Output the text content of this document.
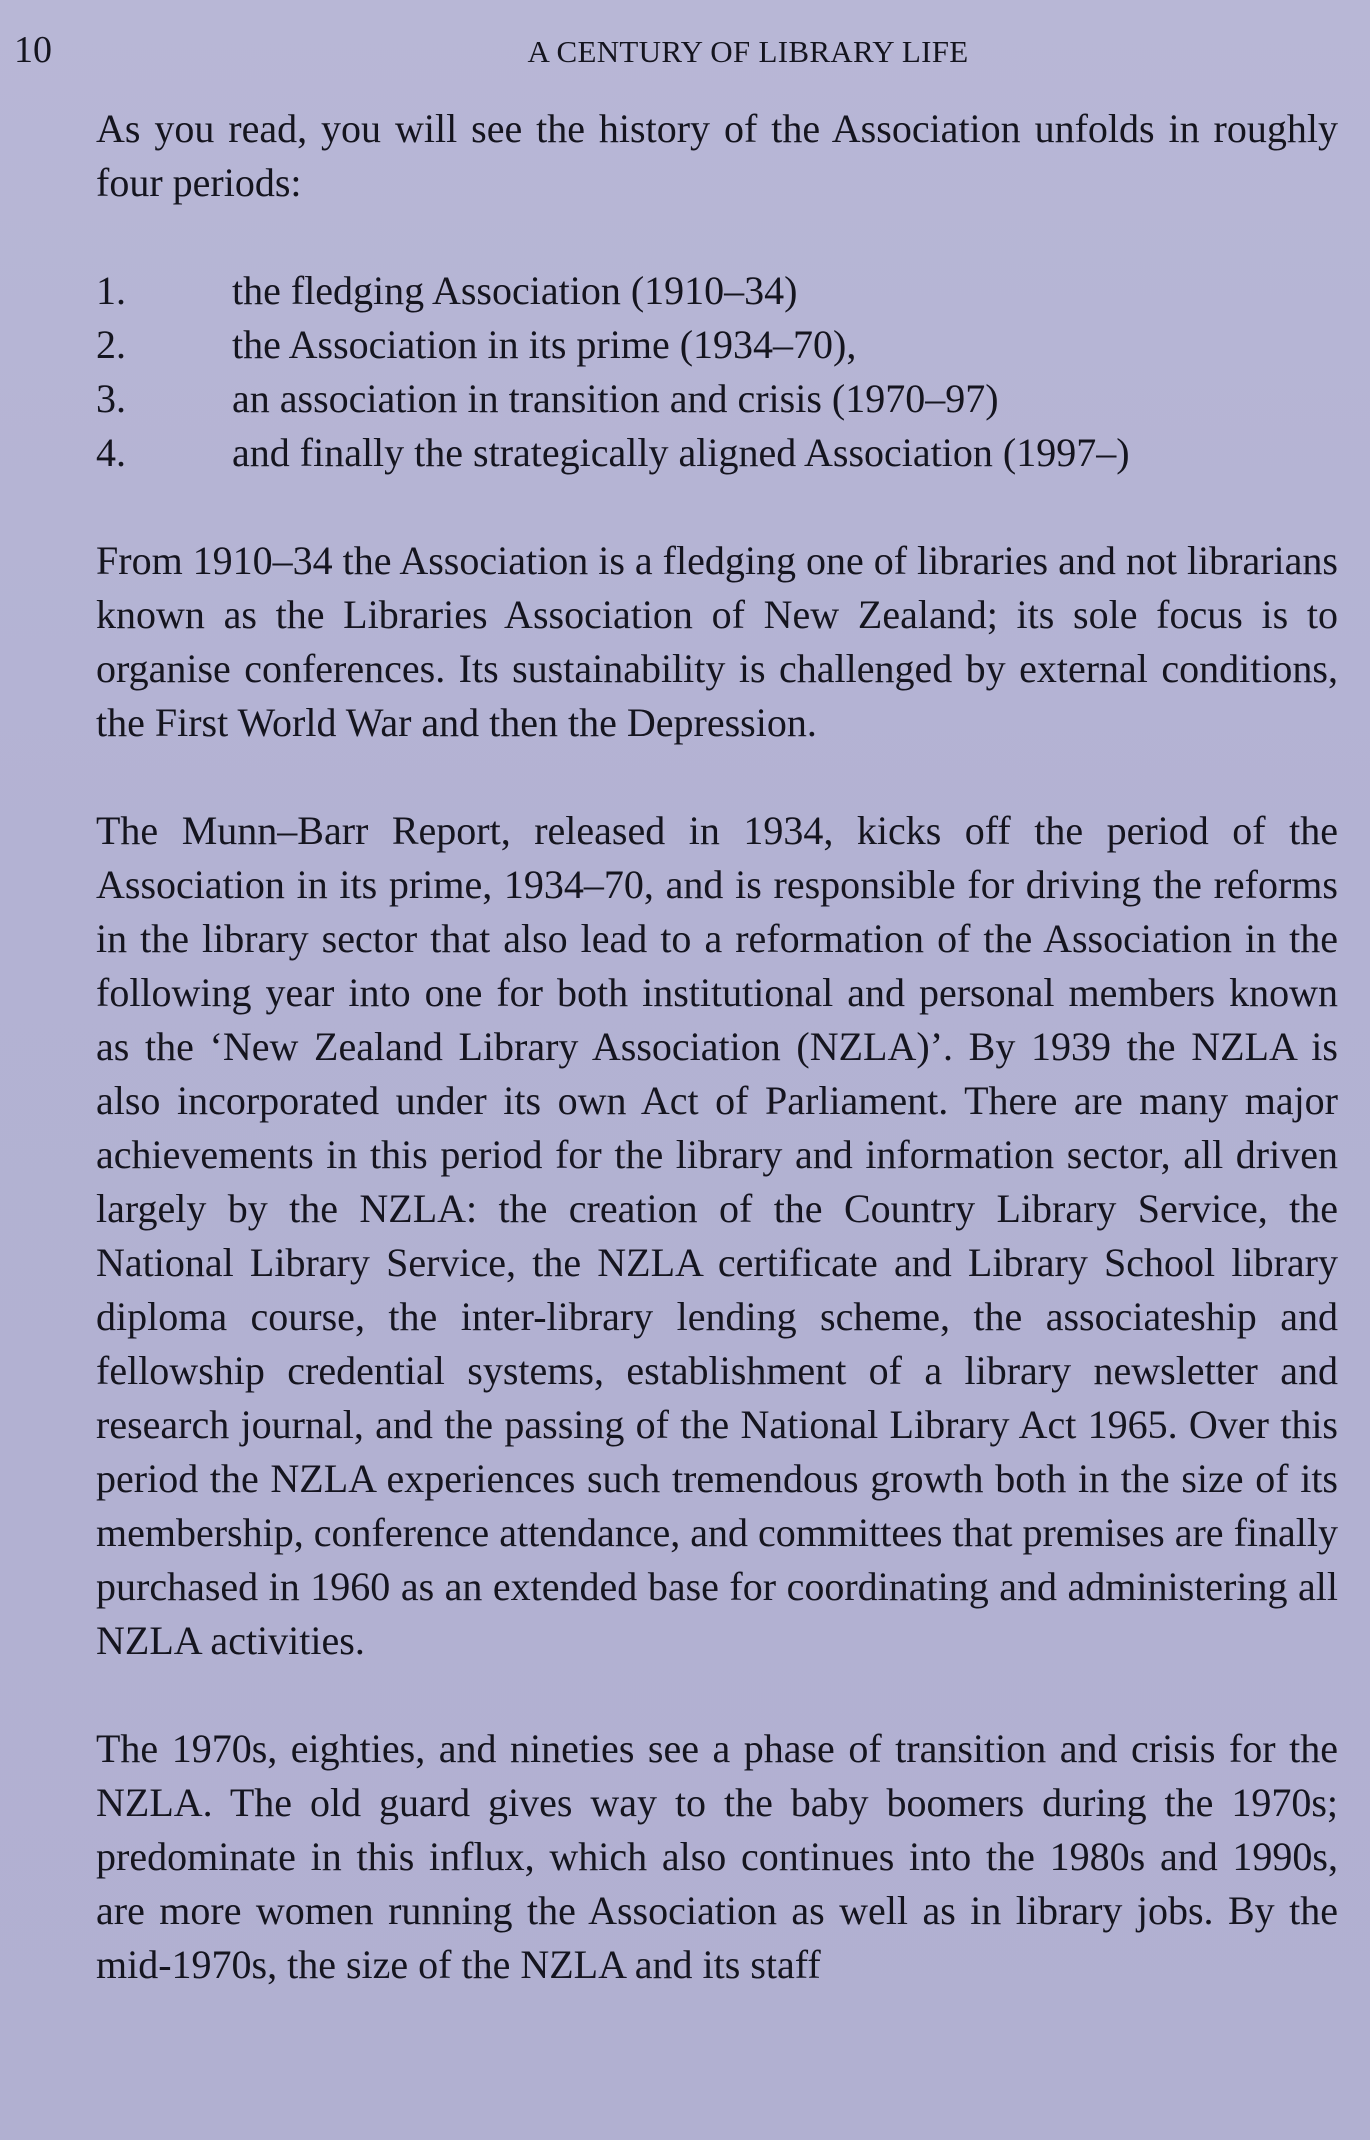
10	A CENTURY OF LIBRARY LIFE

As you read, you will see the history of the Association unfolds in roughly four periods:

1.	the fledging Association (1910–34)
2.	the Association in its prime (1934–70),
3.	an association in transition and crisis (1970–97)
4.	and finally the strategically aligned Association (1997–)

From 1910–34 the Association is a fledging one of libraries and not librarians known as the Libraries Association of New Zealand; its sole focus is to organise conferences. Its sustainability is challenged by external conditions, the First World War and then the Depression.

The Munn–Barr Report, released in 1934, kicks off the period of the Association in its prime, 1934–70, and is responsible for driving the reforms in the library sector that also lead to a reformation of the Association in the following year into one for both institutional and personal members known as the ‘New Zealand Library Association (NZLA)’. By 1939 the NZLA is also incorporated under its own Act of Parliament. There are many major achievements in this period for the library and information sector, all driven largely by the NZLA: the creation of the Country Library Service, the National Library Service, the NZLA certificate and Library School library diploma course, the inter-library lending scheme, the associateship and fellowship credential systems, establishment of a library newsletter and research journal, and the passing of the National Library Act 1965. Over this period the NZLA experiences such tremendous growth both in the size of its membership, conference attendance, and committees that premises are finally purchased in 1960 as an extended base for coordinating and administering all NZLA activities.

The 1970s, eighties, and nineties see a phase of transition and crisis for the NZLA. The old guard gives way to the baby boomers during the 1970s; predominate in this influx, which also continues into the 1980s and 1990s, are more women running the Association as well as in library jobs. By the mid-1970s, the size of the NZLA and its staff
